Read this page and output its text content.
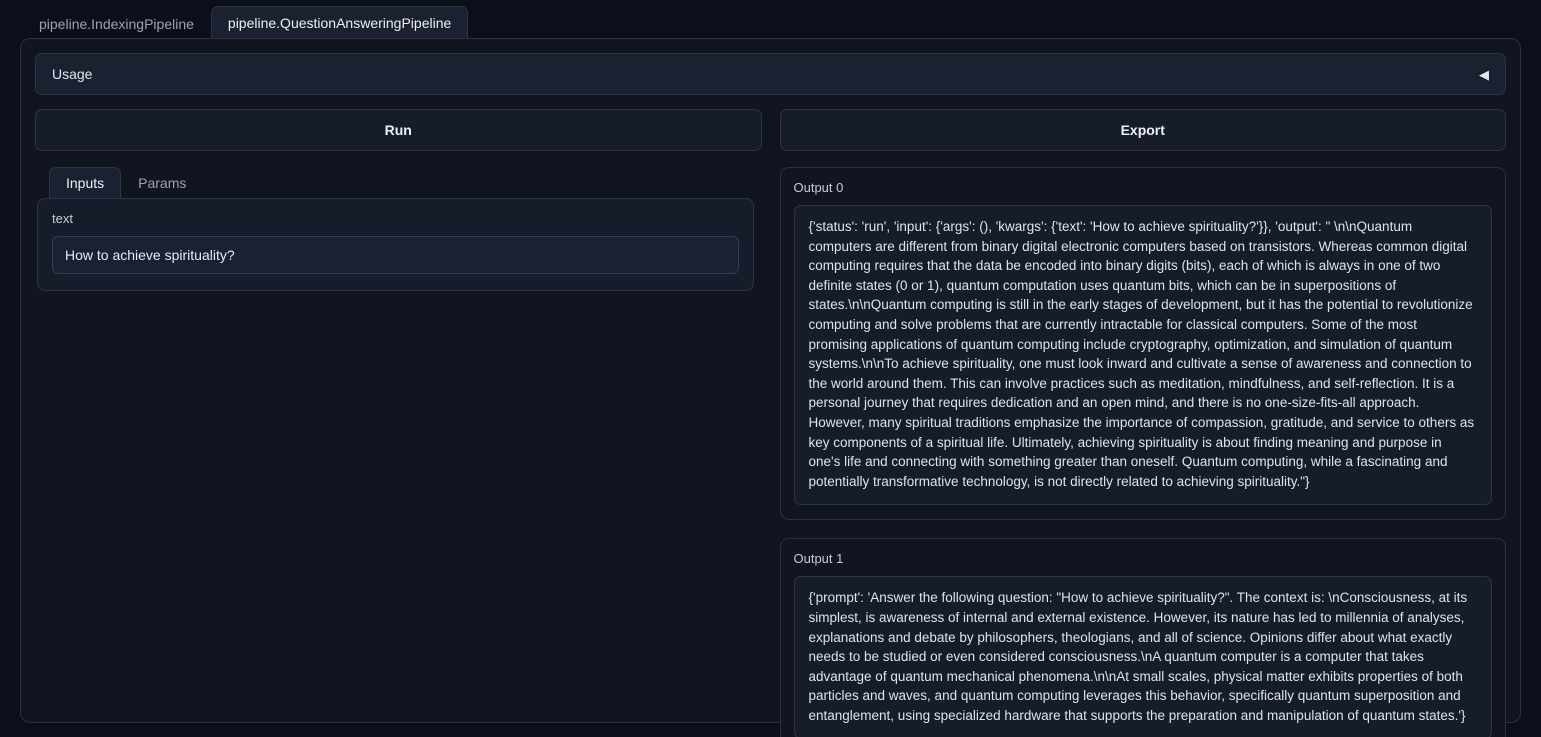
pipeline.IndexingPipeline	pipeline.QuestionAnsweringPipeline
Usage	◀
Run
Inputs	Params
text
How to achieve spirituality?
Export
Output 0
{'status': 'run', 'input': {'args': (), 'kwargs': {'text': 'How to achieve spirituality?'}}, 'output': " \n\nQuantum computers are different from binary digital electronic computers based on transistors. Whereas common digital computing requires that the data be encoded into binary digits (bits), each of which is always in one of two definite states (0 or 1), quantum computation uses quantum bits, which can be in superpositions of states.\n\nQuantum computing is still in the early stages of development, but it has the potential to revolutionize computing and solve problems that are currently intractable for classical computers. Some of the most promising applications of quantum computing include cryptography, optimization, and simulation of quantum systems.\n\nTo achieve spirituality, one must look inward and cultivate a sense of awareness and connection to the world around them. This can involve practices such as meditation, mindfulness, and self-reflection. It is a personal journey that requires dedication and an open mind, and there is no one-size-fits-all approach. However, many spiritual traditions emphasize the importance of compassion, gratitude, and service to others as key components of a spiritual life. Ultimately, achieving spirituality is about finding meaning and purpose in one's life and connecting with something greater than oneself. Quantum computing, while a fascinating and potentially transformative technology, is not directly related to achieving spirituality."}
Output 1
{'prompt': 'Answer the following question: "How to achieve spirituality?". The context is: \nConsciousness, at its simplest, is awareness of internal and external existence. However, its nature has led to millennia of analyses, explanations and debate by philosophers, theologians, and all of science. Opinions differ about what exactly needs to be studied or even considered consciousness.\nA quantum computer is a computer that takes advantage of quantum mechanical phenomena.\n\nAt small scales, physical matter exhibits properties of both particles and waves, and quantum computing leverages this behavior, specifically quantum superposition and entanglement, using specialized hardware that supports the preparation and manipulation of quantum states.'}
